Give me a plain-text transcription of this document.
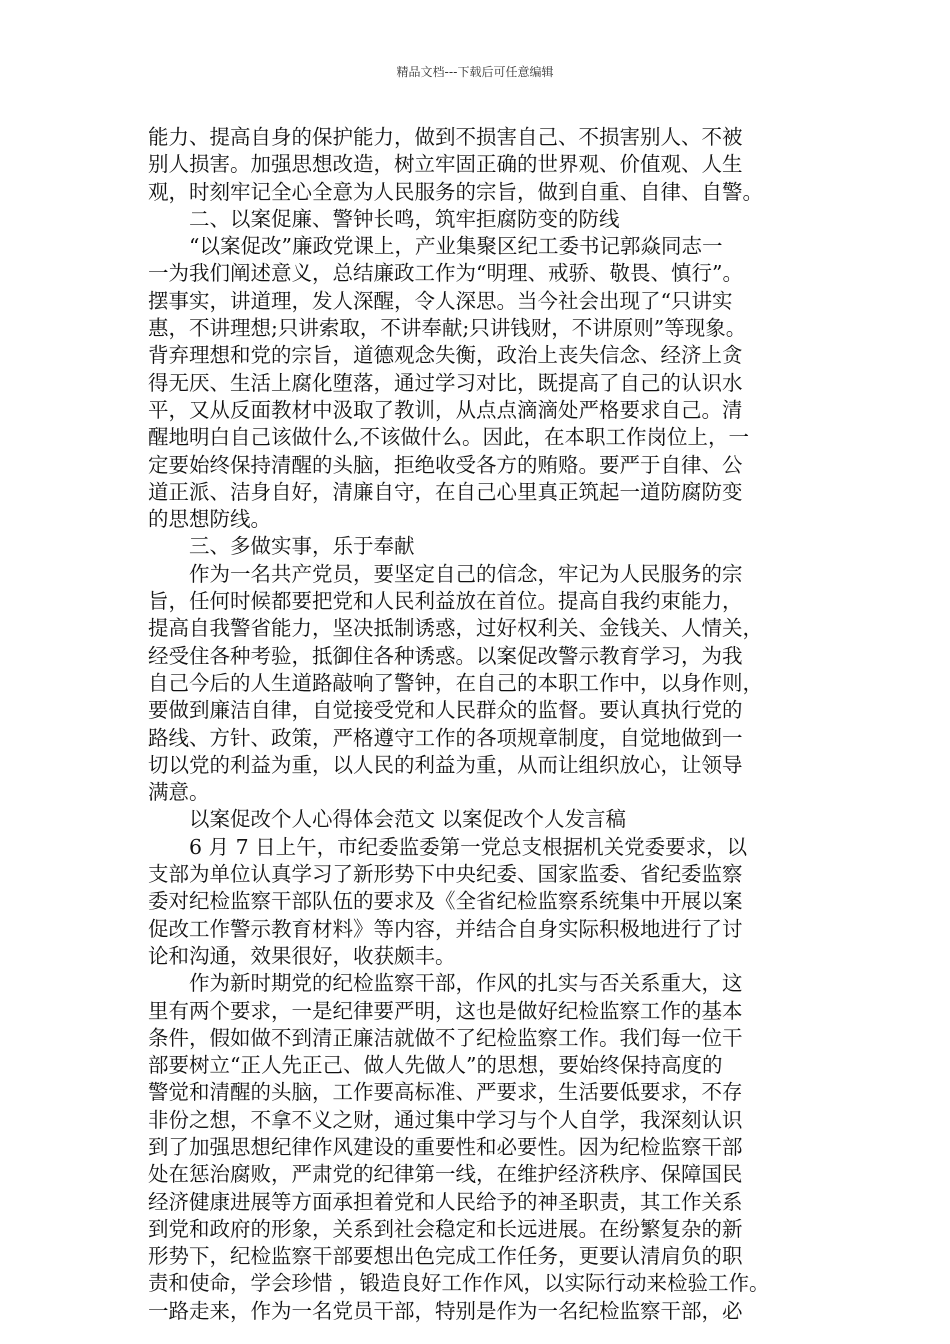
精品文档---下载后可任意编辑
能力、提高自身的保护能力，做到不损害自己、不损害别人、不被
别人损害。加强思想改造，树立牢固正确的世界观、价值观、人生
观，时刻牢记全心全意为人民服务的宗旨，做到自重、自律、自警。
二、以案促廉、警钟长鸣，筑牢拒腐防变的防线
“以案促改”廉政党课上，产业集聚区纪工委书记郭焱同志一
一为我们阐述意义，总结廉政工作为“明理、戒骄、敬畏、慎行”。
摆事实，讲道理，发人深醒，令人深思。当今社会出现了“只讲实
惠，不讲理想;只讲索取，不讲奉献;只讲钱财，不讲原则”等现象。
背弃理想和党的宗旨，道德观念失衡，政治上丧失信念、经济上贪
得无厌、生活上腐化堕落，通过学习对比，既提高了自己的认识水
平，又从反面教材中汲取了教训，从点点滴滴处严格要求自己。清
醒地明白自己该做什么,不该做什么。因此，在本职工作岗位上，一
定要始终保持清醒的头脑，拒绝收受各方的贿赂。要严于自律、公
道正派、洁身自好，清廉自守，在自己心里真正筑起一道防腐防变
的思想防线。
三、多做实事，乐于奉献
作为一名共产党员，要坚定自己的信念，牢记为人民服务的宗
旨，任何时候都要把党和人民利益放在首位。提高自我约束能力，
提高自我警省能力，坚决抵制诱惑，过好权利关、金钱关、人情关，
经受住各种考验，抵御住各种诱惑。以案促改警示教育学习，为我
自己今后的人生道路敲响了警钟，在自己的本职工作中，以身作则，
要做到廉洁自律，自觉接受党和人民群众的监督。要认真执行党的
路线、方针、政策，严格遵守工作的各项规章制度，自觉地做到一
切以党的利益为重，以人民的利益为重，从而让组织放心，让领导
满意。
以案促改个人心得体会范文 以案促改个人发言稿
6 月 7 日上午，市纪委监委第一党总支根据机关党委要求，以
支部为单位认真学习了新形势下中央纪委、国家监委、省纪委监察
委对纪检监察干部队伍的要求及《全省纪检监察系统集中开展以案
促改工作警示教育材料》等内容，并结合自身实际积极地进行了讨
论和沟通，效果很好，收获颇丰。
作为新时期党的纪检监察干部，作风的扎实与否关系重大，这
里有两个要求，一是纪律要严明，这也是做好纪检监察工作的基本
条件，假如做不到清正廉洁就做不了纪检监察工作。我们每一位干
部要树立“正人先正己、做人先做人”的思想，要始终保持高度的
警觉和清醒的头脑，工作要高标准、严要求，生活要低要求，不存
非份之想，不拿不义之财，通过集中学习与个人自学，我深刻认识
到了加强思想纪律作风建设的重要性和必要性。因为纪检监察干部
处在惩治腐败，严肃党的纪律第一线，在维护经济秩序、保障国民
经济健康进展等方面承担着党和人民给予的神圣职责，其工作关系
到党和政府的形象，关系到社会稳定和长远进展。在纷繁复杂的新
形势下，纪检监察干部要想出色完成工作任务，更要认清肩负的职
责和使命，学会珍惜 ，锻造良好工作作风，以实际行动来检验工作。
一路走来，作为一名党员干部，特别是作为一名纪检监察干部，必
